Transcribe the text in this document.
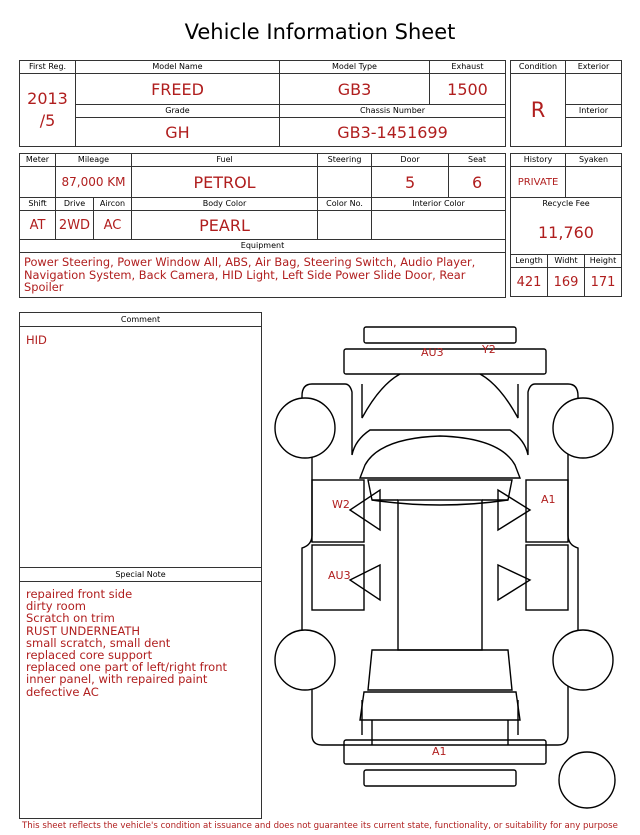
Vehicle Information Sheet
First Reg.	Model Name	Model Type	Exhaust

2013
/5	FREED	GB3	1500
	Grade	Chassis Number	
	GH	GB3-1451699	
Condition	Exterior
R	
	Interior

Meter	Mileage		Fuel	Steering	Door	Seat
	87,000 KM		PETROL		5	6
Shift	Drive	Aircon	Body Color	Color No.	Interior Color	
AT	2WD	AC	PEARL			
Equipment						
Power Steering, Power Window All, ABS, Air Bag, Steering Switch, Audio Player, Navigation System, Back Camera, HID Light, Left Side Power Slide Door, Rear Spoiler						
History		Syaken	
PRIVATE			
Recycle Fee			
11,760			
Length	Widht		Height
421	169		171
Comment
HID
Special Note
repaired front side
dirty room
Scratch on trim
RUST UNDERNEATH
small scratch, small dent
replaced core support
replaced one part of left/right front
inner panel, with repaired paint
defective AC
AU3	Y2
W2
AU3
A1
A1
This sheet reflects the vehicle's condition at issuance and does not guarantee its current state, functionality, or suitability for any purpose
